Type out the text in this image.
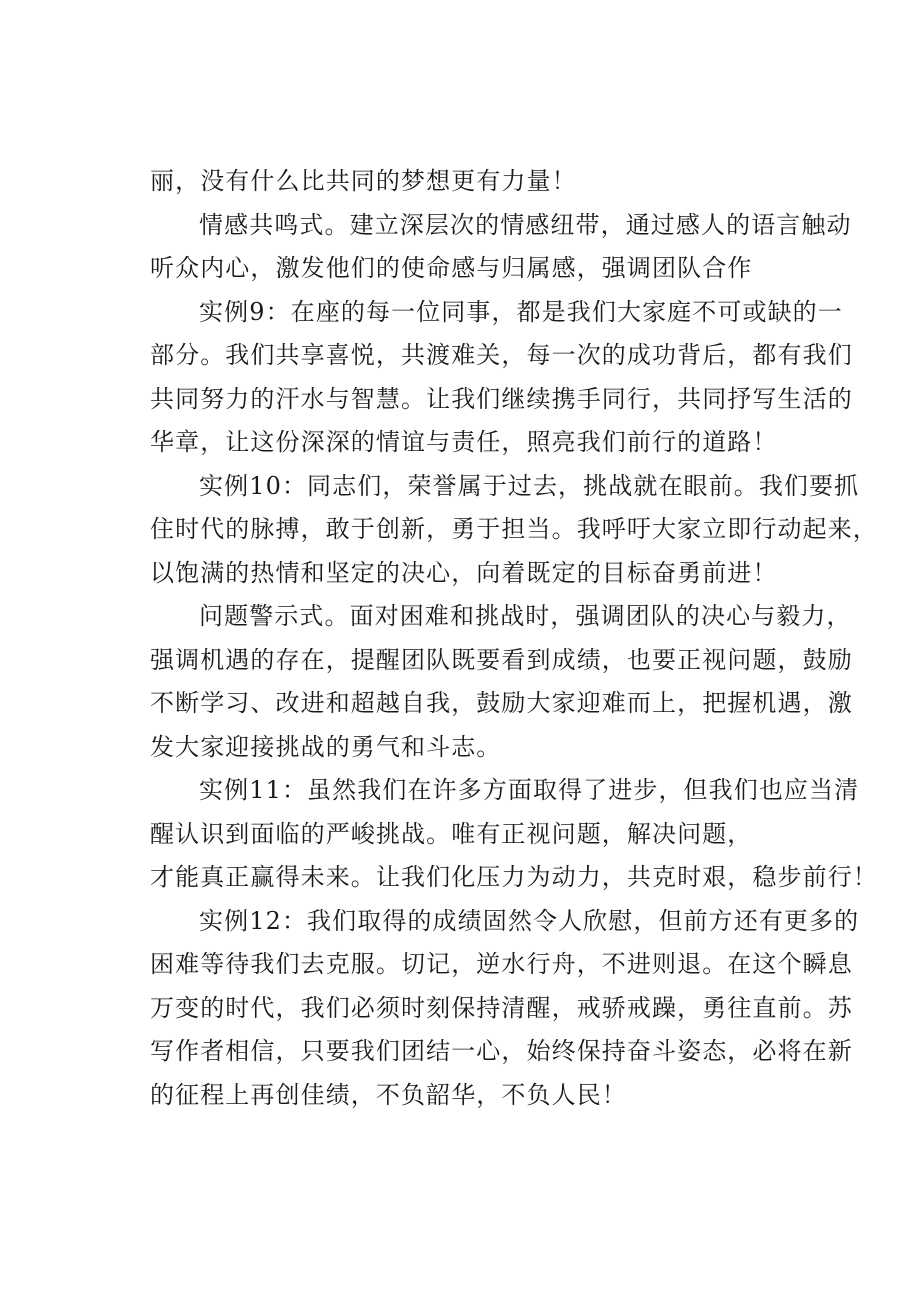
丽，没有什么比共同的梦想更有力量！
情感共鸣式。建立深层次的情感纽带，通过感人的语言触动
听众内心，激发他们的使命感与归属感，强调团队合作
实例9：在座的每一位同事，都是我们大家庭不可或缺的一
部分。我们共享喜悦，共渡难关，每一次的成功背后，都有我们
共同努力的汗水与智慧。让我们继续携手同行，共同抒写生活的
华章，让这份深深的情谊与责任，照亮我们前行的道路！
实例10：同志们，荣誉属于过去，挑战就在眼前。我们要抓
住时代的脉搏，敢于创新，勇于担当。我呼吁大家立即行动起来，
以饱满的热情和坚定的决心，向着既定的目标奋勇前进！
问题警示式。面对困难和挑战时，强调团队的决心与毅力，
强调机遇的存在，提醒团队既要看到成绩，也要正视问题，鼓励
不断学习、改进和超越自我，鼓励大家迎难而上，把握机遇，激
发大家迎接挑战的勇气和斗志。
实例11：虽然我们在许多方面取得了进步，但我们也应当清
醒认识到面临的严峻挑战。唯有正视问题，解决问题，
才能真正赢得未来。让我们化压力为动力，共克时艰，稳步前行！
实例12：我们取得的成绩固然令人欣慰，但前方还有更多的
困难等待我们去克服。切记，逆水行舟，不进则退。在这个瞬息
万变的时代，我们必须时刻保持清醒，戒骄戒躁，勇往直前。苏
写作者相信，只要我们团结一心，始终保持奋斗姿态，必将在新
的征程上再创佳绩，不负韶华，不负人民！
